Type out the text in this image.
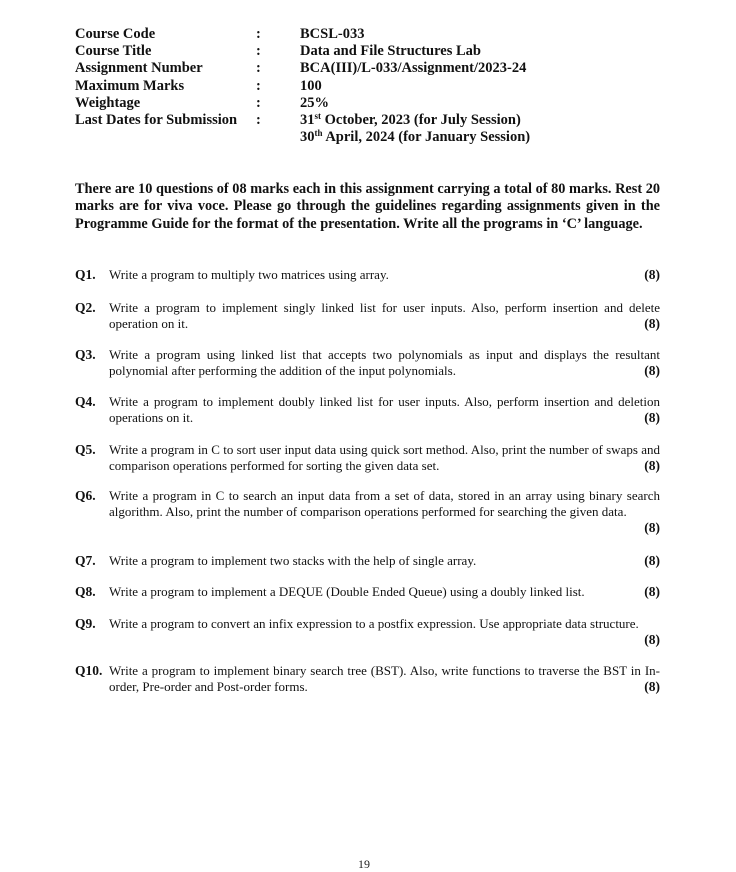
Course Code	:	BCSL-033
Course Title	:	Data and File Structures Lab
Assignment Number	:	BCA(III)/L-033/Assignment/2023-24
Maximum Marks	:	100
Weightage	:	25%
Last Dates for Submission :	31st October, 2023 (for July Session)
30th April, 2024 (for January Session)
There are 10 questions of 08 marks each in this assignment carrying a total of 80 marks. Rest 20 marks are for viva voce. Please go through the guidelines regarding assignments given in the Programme Guide for the format of the presentation. Write all the programs in ‘C’ language.
Q1. Write a program to multiply two matrices using array.	(8)
Q2. Write a program to implement singly linked list for user inputs. Also, perform insertion and delete operation on it.	(8)
Q3. Write a program using linked list that accepts two polynomials as input and displays the resultant polynomial after performing the addition of the input polynomials.	(8)
Q4. Write a program to implement doubly linked list for user inputs. Also, perform insertion and deletion operations on it.	(8)
Q5. Write a program in C to sort user input data using quick sort method. Also, print the number of swaps and comparison operations performed for sorting the given data set.	(8)
Q6. Write a program in C to search an input data from a set of data, stored in an array using binary search algorithm. Also, print the number of comparison operations performed for searching the given data.
(8)
Q7. Write a program to implement two stacks with the help of single array.	(8)
Q8. Write a program to implement a DEQUE (Double Ended Queue) using a doubly linked list.	(8)
Q9. Write a program to convert an infix expression to a postfix expression. Use appropriate data structure.
(8)
Q10. Write a program to implement binary search tree (BST). Also, write functions to traverse the BST in In-order, Pre-order and Post-order forms.	(8)
19
